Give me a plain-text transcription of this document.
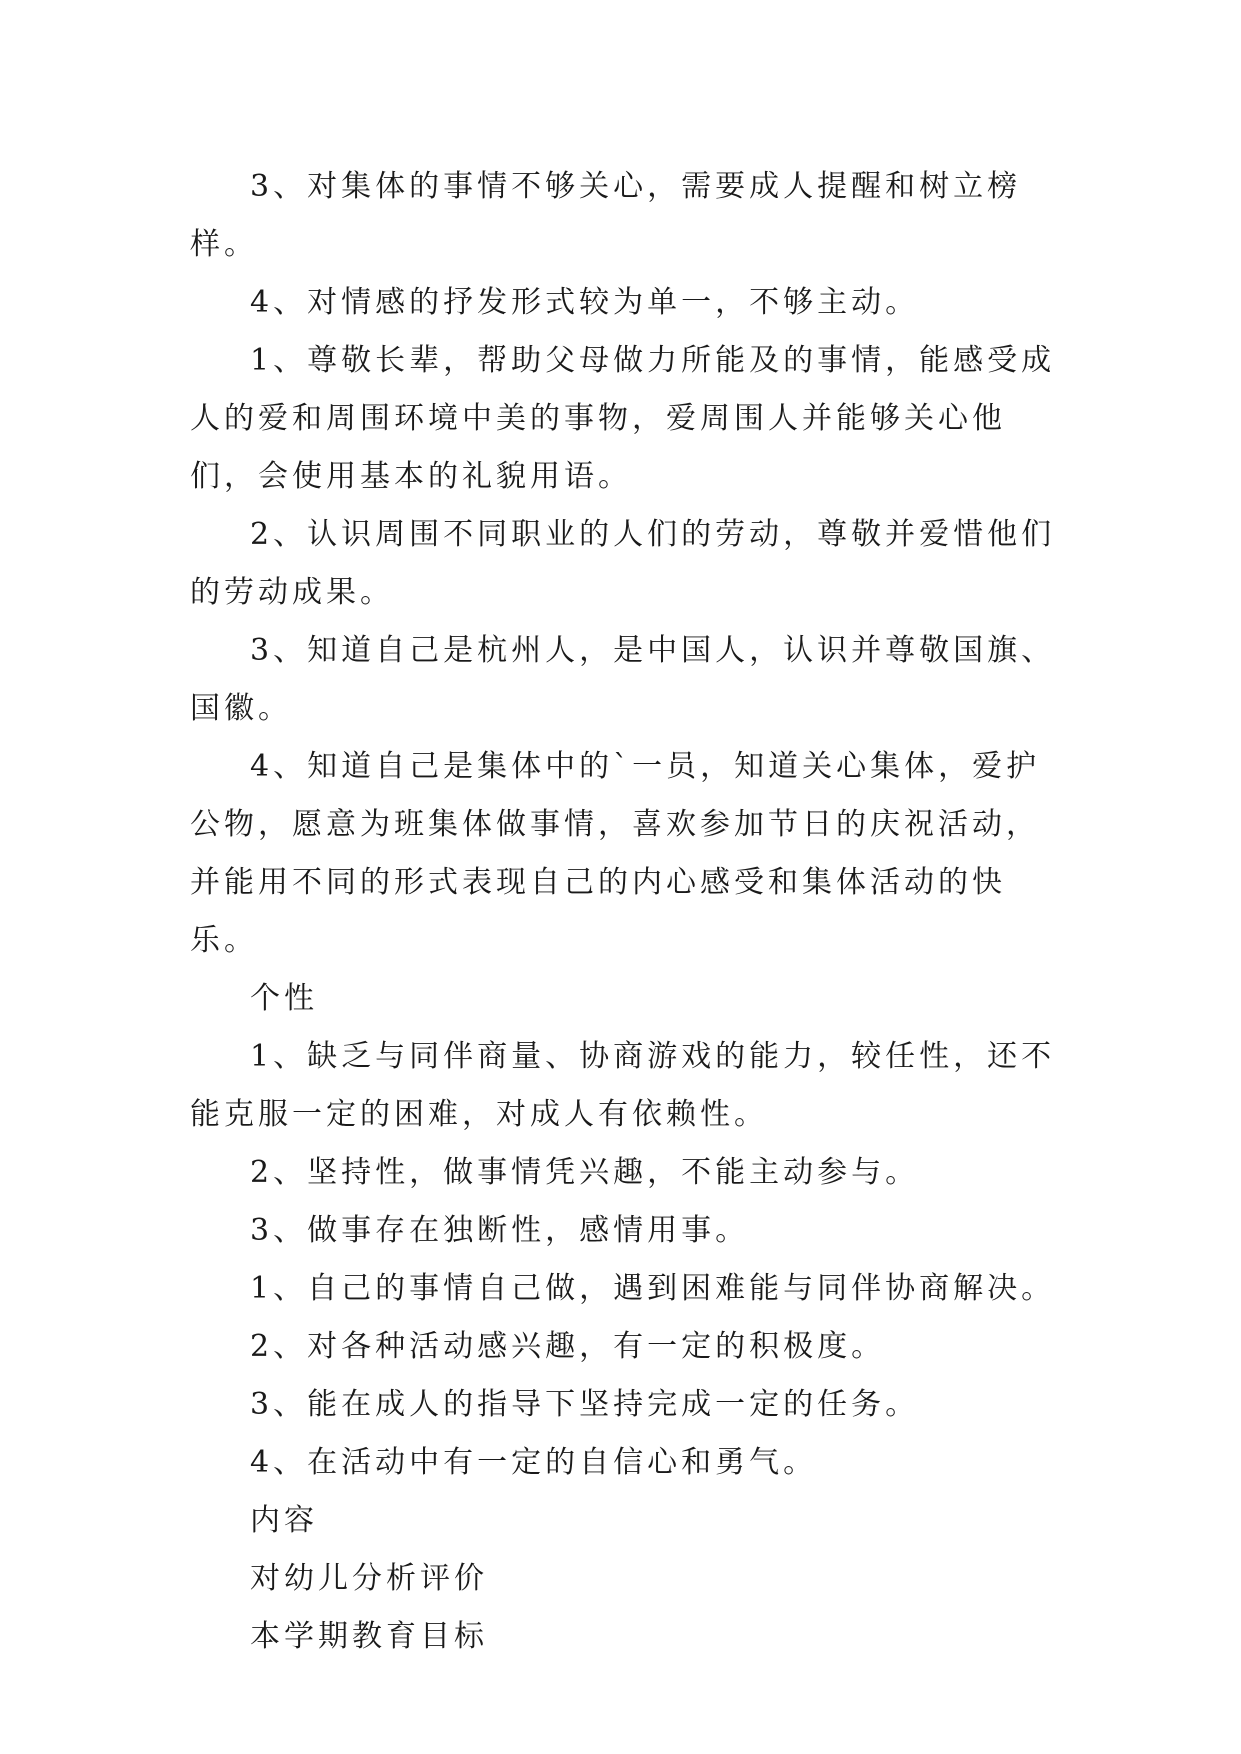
3、对集体的事情不够关心，需要成人提醒和树立榜样。

4、对情感的抒发形式较为单一，不够主动。

1、尊敬长辈，帮助父母做力所能及的事情，能感受成人的爱和周围环境中美的事物，爱周围人并能够关心他们，会使用基本的礼貌用语。

2、认识周围不同职业的人们的劳动，尊敬并爱惜他们的劳动成果。

3、知道自己是杭州人，是中国人，认识并尊敬国旗、国徽。

4、知道自己是集体中的`一员，知道关心集体，爱护公物，愿意为班集体做事情，喜欢参加节日的庆祝活动，并能用不同的形式表现自己的内心感受和集体活动的快乐。

个性

1、缺乏与同伴商量、协商游戏的能力，较任性，还不能克服一定的困难，对成人有依赖性。

2、坚持性，做事情凭兴趣，不能主动参与。

3、做事存在独断性，感情用事。

1、自己的事情自己做，遇到困难能与同伴协商解决。

2、对各种活动感兴趣，有一定的积极度。

3、能在成人的指导下坚持完成一定的任务。

4、在活动中有一定的自信心和勇气。

内容

对幼儿分析评价

本学期教育目标
